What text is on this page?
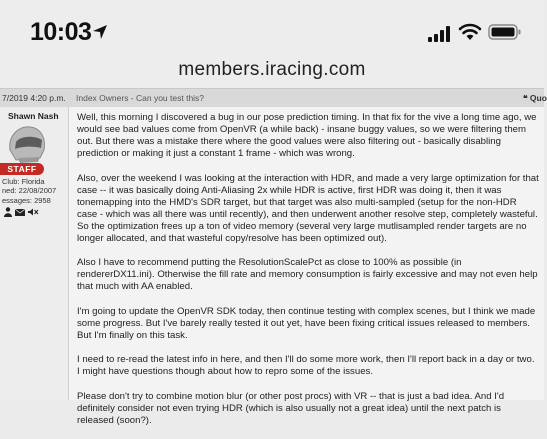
10:03
members.iracing.com
7/2019 4:20 p.m. Index Owners - Can you test this?	❝ Quo
Shawn Nash
STAFF
Club: Florida
ned: 22/08/2007
essages: 2958

Well, this morning I discovered a bug in our pose prediction timing. In that fix for the vive a long time ago, we would see bad values come from OpenVR (a while back) - insane buggy values, so we were filtering them out. But there was a mistake there where the good values were also filtering out - basically disabling prediction or making it just a constant 1 frame - which was wrong.

Also, over the weekend I was looking at the interaction with HDR, and made a very large optimization for that case -- it was basically doing Anti-Aliasing 2x while HDR is active, first HDR was doing it, then it was tonemapping into the HMD's SDR target, but that target was also multi-sampled (setup for the non-HDR case - which was all there was until recently), and then underwent another resolve step, completely wasteful. So the optimization frees up a ton of video memory (several very large mutlisampled render targets are no longer allocated, and that wasteful copy/resolve has been optimized out).

Also I have to recommend putting the ResolutionScalePct as close to 100% as possible (in rendererDX11.ini). Otherwise the fill rate and memory consumption is fairly excessive and may not even help that much with AA enabled.

I'm going to update the OpenVR SDK today, then continue testing with complex scenes, but I think we made some progress. But I've barely really tested it out yet, have been fixing critical issues released to members. But I'm finally on this task.

I need to re-read the latest info in here, and then I'll do some more work, then I'll report back in a day or two. I might have questions though about how to repro some of the issues.

Please don't try to combine motion blur (or other post procs) with VR -- that is just a bad idea. And I'd definitely consider not even trying HDR (which is also usually not a great idea) until the next patch is released (soon?).
